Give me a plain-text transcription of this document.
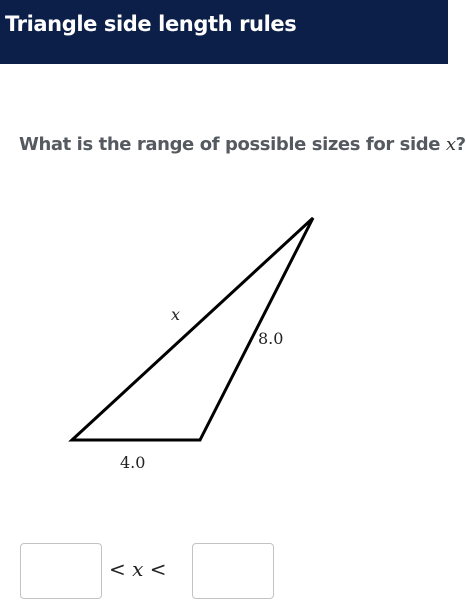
Triangle side length rules
What is the range of possible sizes for side x?
x
8.0
4.0
< x <
